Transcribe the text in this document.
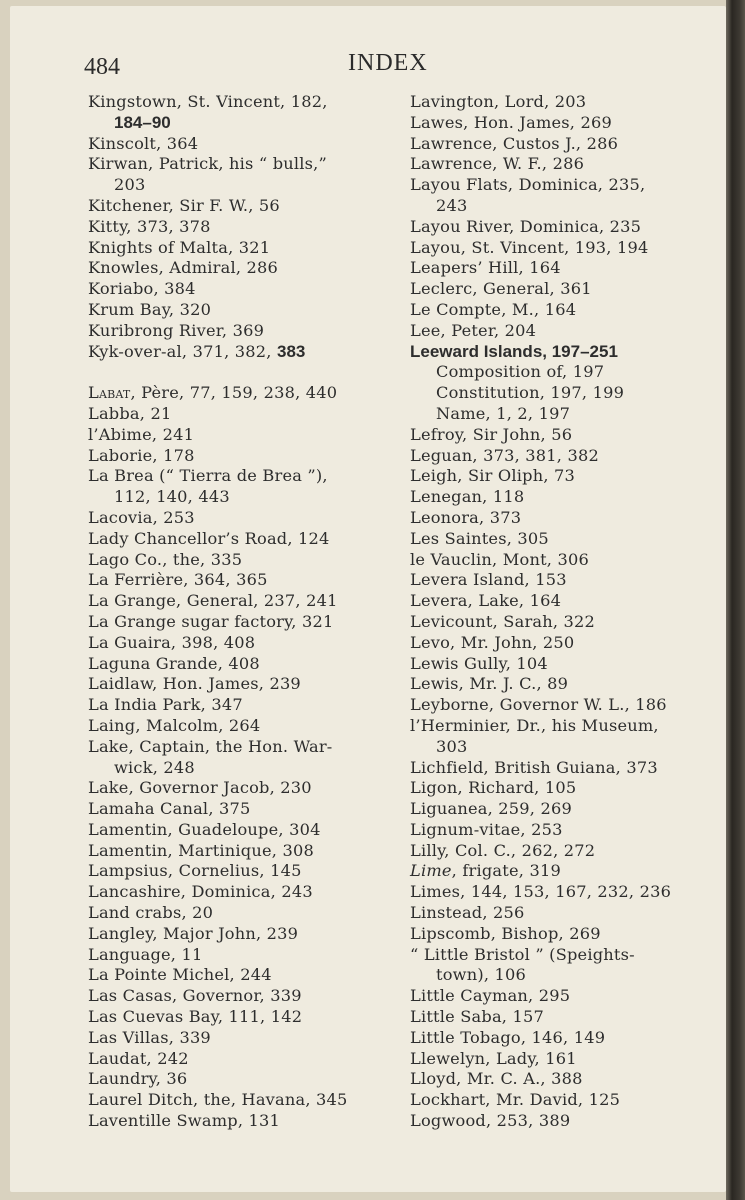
484	INDEX
Kingstown, St. Vincent, 182,
184–90
Kinscolt, 364
Kirwan, Patrick, his “ bulls,”
203
Kitchener, Sir F. W., 56
Kitty, 373, 378
Knights of Malta, 321
Knowles, Admiral, 286
Koriabo, 384
Krum Bay, 320
Kuribrong River, 369
Kyk-over-al, 371, 382, 383
Labat, Père, 77, 159, 238, 440
Labba, 21
l’Abime, 241
Laborie, 178
La Brea (“ Tierra de Brea ”),
112, 140, 443
Lacovia, 253
Lady Chancellor’s Road, 124
Lago Co., the, 335
La Ferrière, 364, 365
La Grange, General, 237, 241
La Grange sugar factory, 321
La Guaira, 398, 408
Laguna Grande, 408
Laidlaw, Hon. James, 239
La India Park, 347
Laing, Malcolm, 264
Lake, Captain, the Hon. War-
wick, 248
Lake, Governor Jacob, 230
Lamaha Canal, 375
Lamentin, Guadeloupe, 304
Lamentin, Martinique, 308
Lampsius, Cornelius, 145
Lancashire, Dominica, 243
Land crabs, 20
Langley, Major John, 239
Language, 11
La Pointe Michel, 244
Las Casas, Governor, 339
Las Cuevas Bay, 111, 142
Las Villas, 339
Laudat, 242
Laundry, 36
Laurel Ditch, the, Havana, 345
Laventille Swamp, 131
Lavington, Lord, 203
Lawes, Hon. James, 269
Lawrence, Custos J., 286
Lawrence, W. F., 286
Layou Flats, Dominica, 235,
243
Layou River, Dominica, 235
Layou, St. Vincent, 193, 194
Leapers’ Hill, 164
Leclerc, General, 361
Le Compte, M., 164
Lee, Peter, 204
Leeward Islands, 197–251
Composition of, 197
Constitution, 197, 199
Name, 1, 2, 197
Lefroy, Sir John, 56
Leguan, 373, 381, 382
Leigh, Sir Oliph, 73
Lenegan, 118
Leonora, 373
Les Saintes, 305
le Vauclin, Mont, 306
Levera Island, 153
Levera, Lake, 164
Levicount, Sarah, 322
Levo, Mr. John, 250
Lewis Gully, 104
Lewis, Mr. J. C., 89
Leyborne, Governor W. L., 186
l’Herminier, Dr., his Museum,
303
Lichfield, British Guiana, 373
Ligon, Richard, 105
Liguanea, 259, 269
Lignum-vitae, 253
Lilly, Col. C., 262, 272
Lime, frigate, 319
Limes, 144, 153, 167, 232, 236
Linstead, 256
Lipscomb, Bishop, 269
“ Little Bristol ” (Speights-
town), 106
Little Cayman, 295
Little Saba, 157
Little Tobago, 146, 149
Llewelyn, Lady, 161
Lloyd, Mr. C. A., 388
Lockhart, Mr. David, 125
Logwood, 253, 389
